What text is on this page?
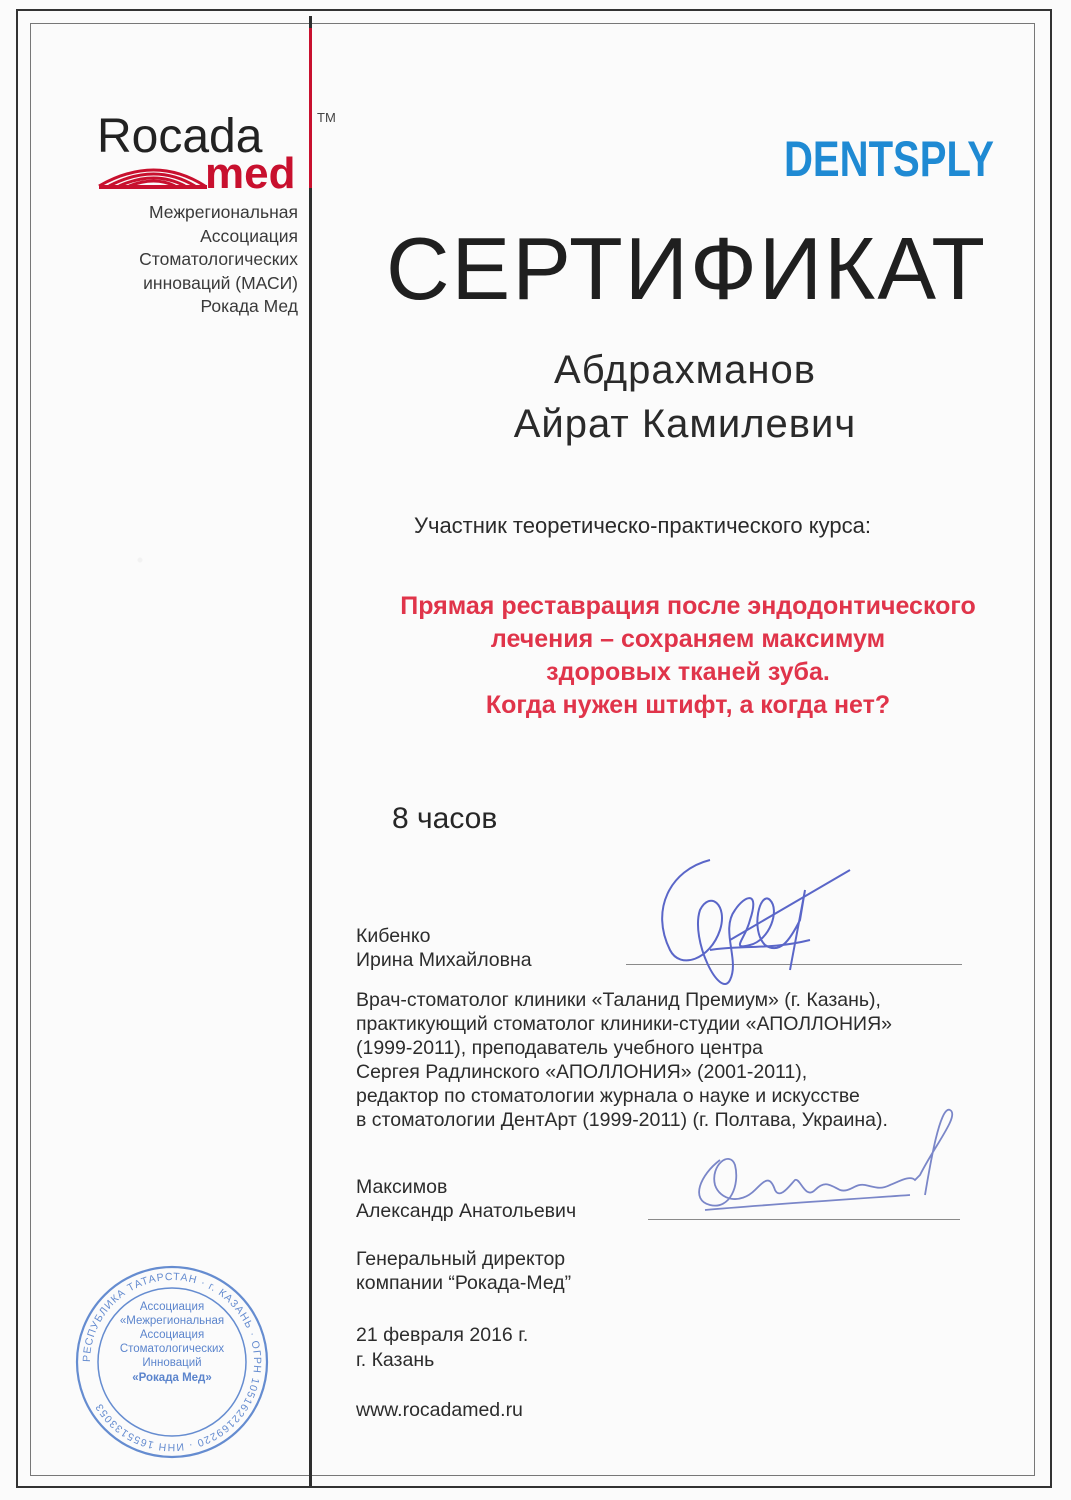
Rocada	TM
med
Межрегиональная
Ассоциация
Стоматологических
инноваций (МАСИ)
Рокада Мед
DENTSPLY
СЕРТИФИКАТ
Абдрахманов
Айрат Камилевич
Участник теоретическо-практического курса:
Прямая реставрация после эндодонтического
лечения – сохраняем максимум
здоровых тканей зуба.
Когда нужен штифт, а когда нет?
8 часов
Кибенко
Ирина Михайловна
Врач-стоматолог клиники «Таланид Премиум» (г. Казань),
практикующий стоматолог клиники-студии «АПОЛЛОНИЯ»
(1999-2011), преподаватель учебного центра
Сергея Радлинского «АПОЛЛОНИЯ» (2001-2011),
редактор по стоматологии журнала о науке и искусстве
в стоматологии ДентАрт (1999-2011) (г. Полтава, Украина).
Максимов
Александр Анатольевич
Генеральный директор
компании “Рокада-Мед”
21 февраля 2016 г.
г. Казань
www.rocadamed.ru
РЕСПУБЛИКА ТАТАРСТАН · г. КАЗАНЬ · ОГРН 1051622169220 · ИНН 1655133053
Ассоциация
«Межрегиональная
Ассоциация
Стоматологических
Инноваций
«Рокада Мед»
